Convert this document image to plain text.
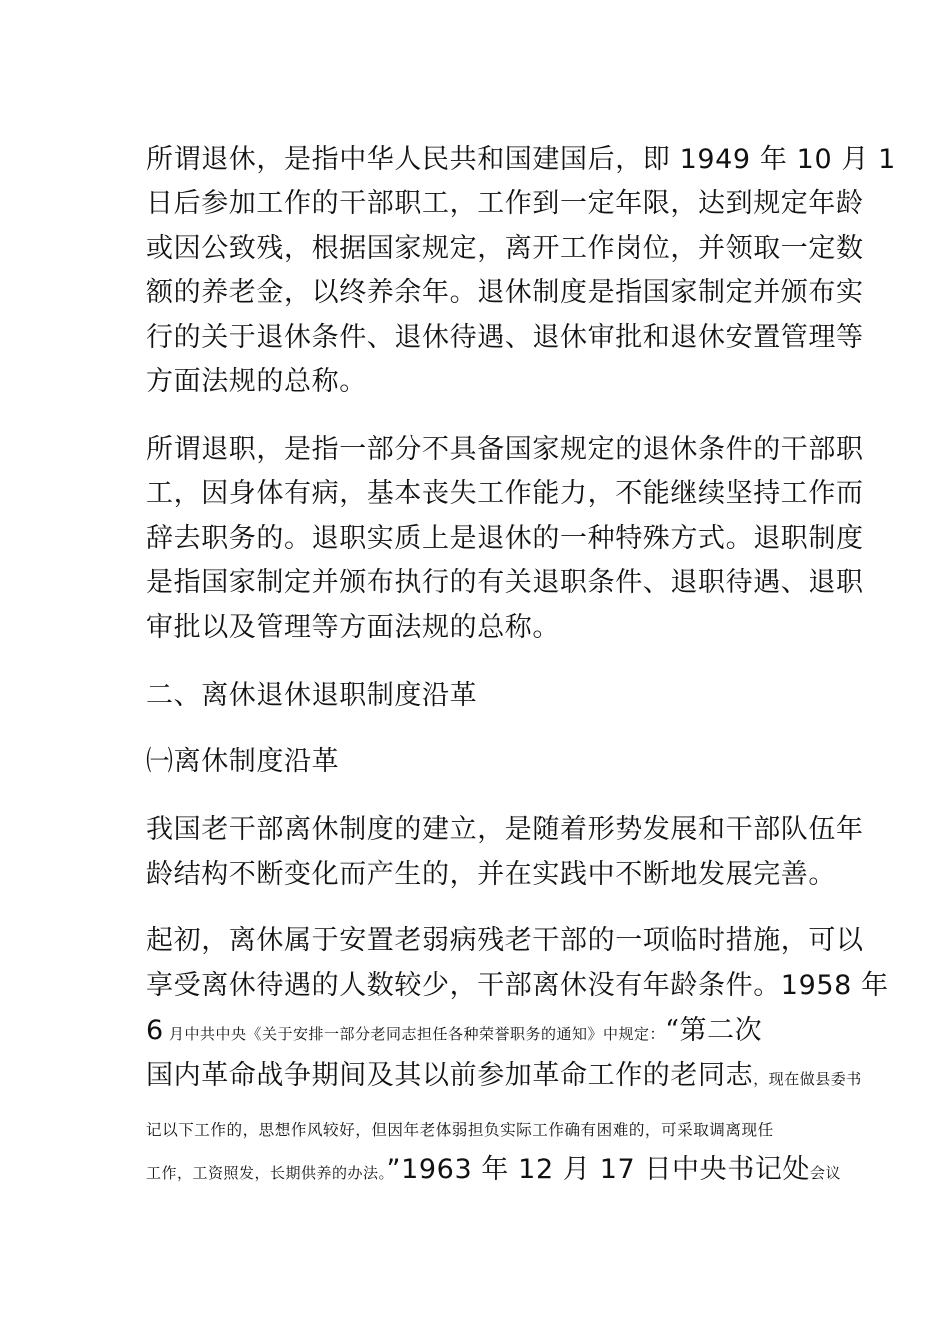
所谓退休，是指中华人民共和国建国后，即 1949 年 10 月 1
日后参加工作的干部职工，工作到一定年限，达到规定年龄
或因公致残，根据国家规定，离开工作岗位，并领取一定数
额的养老金，以终养余年。退休制度是指国家制定并颁布实
行的关于退休条件、退休待遇、退休审批和退休安置管理等
方面法规的总称。
所谓退职，是指一部分不具备国家规定的退休条件的干部职
工，因身体有病，基本丧失工作能力，不能继续坚持工作而
辞去职务的。退职实质上是退休的一种特殊方式。退职制度
是指国家制定并颁布执行的有关退职条件、退职待遇、退职
审批以及管理等方面法规的总称。
二、离休退休退职制度沿革
㈠离休制度沿革
我国老干部离休制度的建立，是随着形势发展和干部队伍年
龄结构不断变化而产生的，并在实践中不断地发展完善。
起初，离休属于安置老弱病残老干部的一项临时措施，可以
享受离休待遇的人数较少，干部离休没有年龄条件。1958 年
6 月中共中央《关于安排一部分老同志担任各种荣誉职务的通知》中规定：“第二次
国内革命战争期间及其以前参加革命工作的老同志，现在做县委书
记以下工作的，思想作风较好，但因年老体弱担负实际工作确有困难的，可采取调离现任
工作，工资照发，长期供养的办法。”1963 年 12 月 17 日中央书记处会议
